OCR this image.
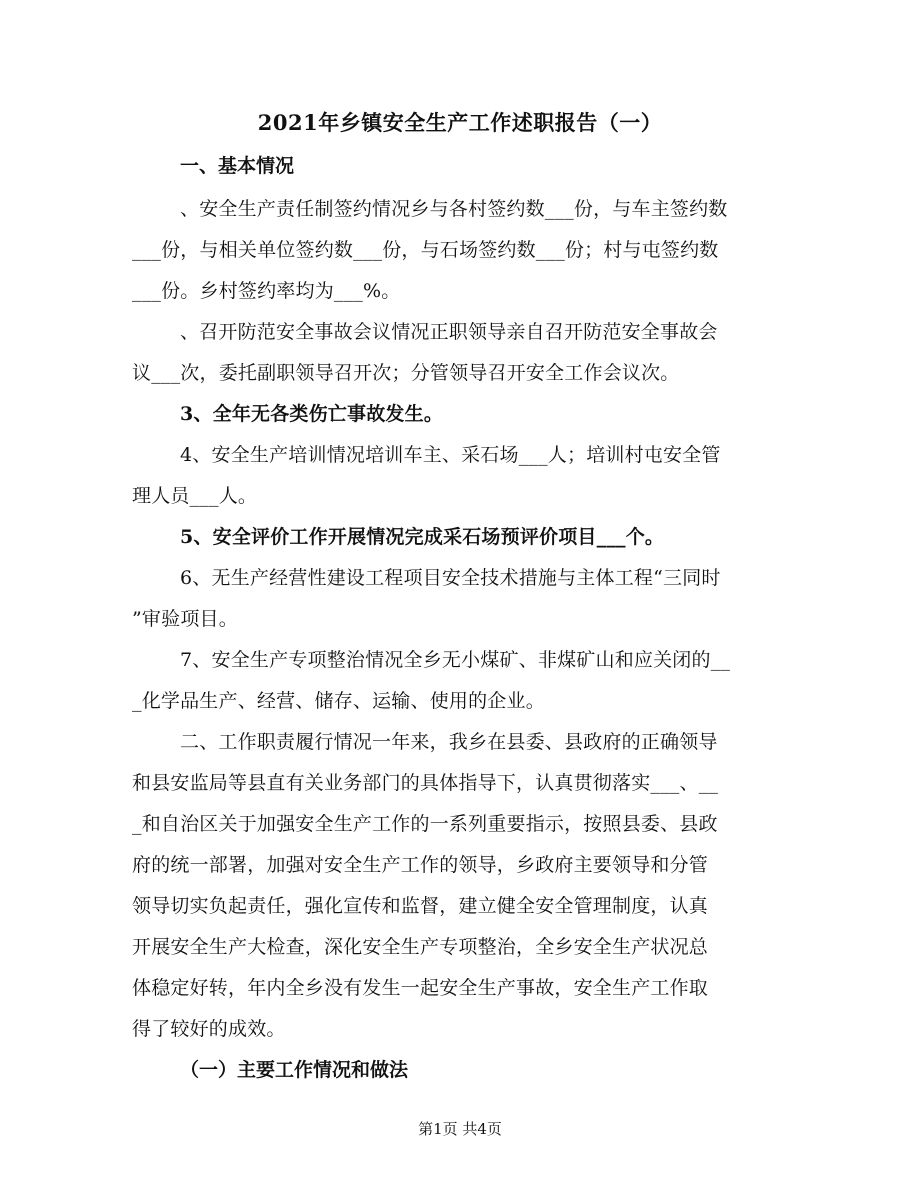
2021年乡镇安全生产工作述职报告（一）
一、基本情况
、安全生产责任制签约情况乡与各村签约数___份，与车主签约数
___份，与相关单位签约数___份，与石场签约数___份；村与屯签约数
___份。乡村签约率均为___%。
、召开防范安全事故会议情况正职领导亲自召开防范安全事故会
议___次，委托副职领导召开次；分管领导召开安全工作会议次。
3、全年无各类伤亡事故发生。
4、安全生产培训情况培训车主、采石场___人；培训村屯安全管
理人员___人。
5、安全评价工作开展情况完成采石场预评价项目___个。
6、无生产经营性建设工程项目安全技术措施与主体工程“三同时
”审验项目。
7、安全生产专项整治情况全乡无小煤矿、非煤矿山和应关闭的__
_化学品生产、经营、储存、运输、使用的企业。
二、工作职责履行情况一年来，我乡在县委、县政府的正确领导
和县安监局等县直有关业务部门的具体指导下，认真贯彻落实___、__
_和自治区关于加强安全生产工作的一系列重要指示，按照县委、县政
府的统一部署，加强对安全生产工作的领导，乡政府主要领导和分管
领导切实负起责任，强化宣传和监督，建立健全安全管理制度，认真
开展安全生产大检查，深化安全生产专项整治，全乡安全生产状况总
体稳定好转，年内全乡没有发生一起安全生产事故，安全生产工作取
得了较好的成效。
（一）主要工作情况和做法
第1页 共4页
